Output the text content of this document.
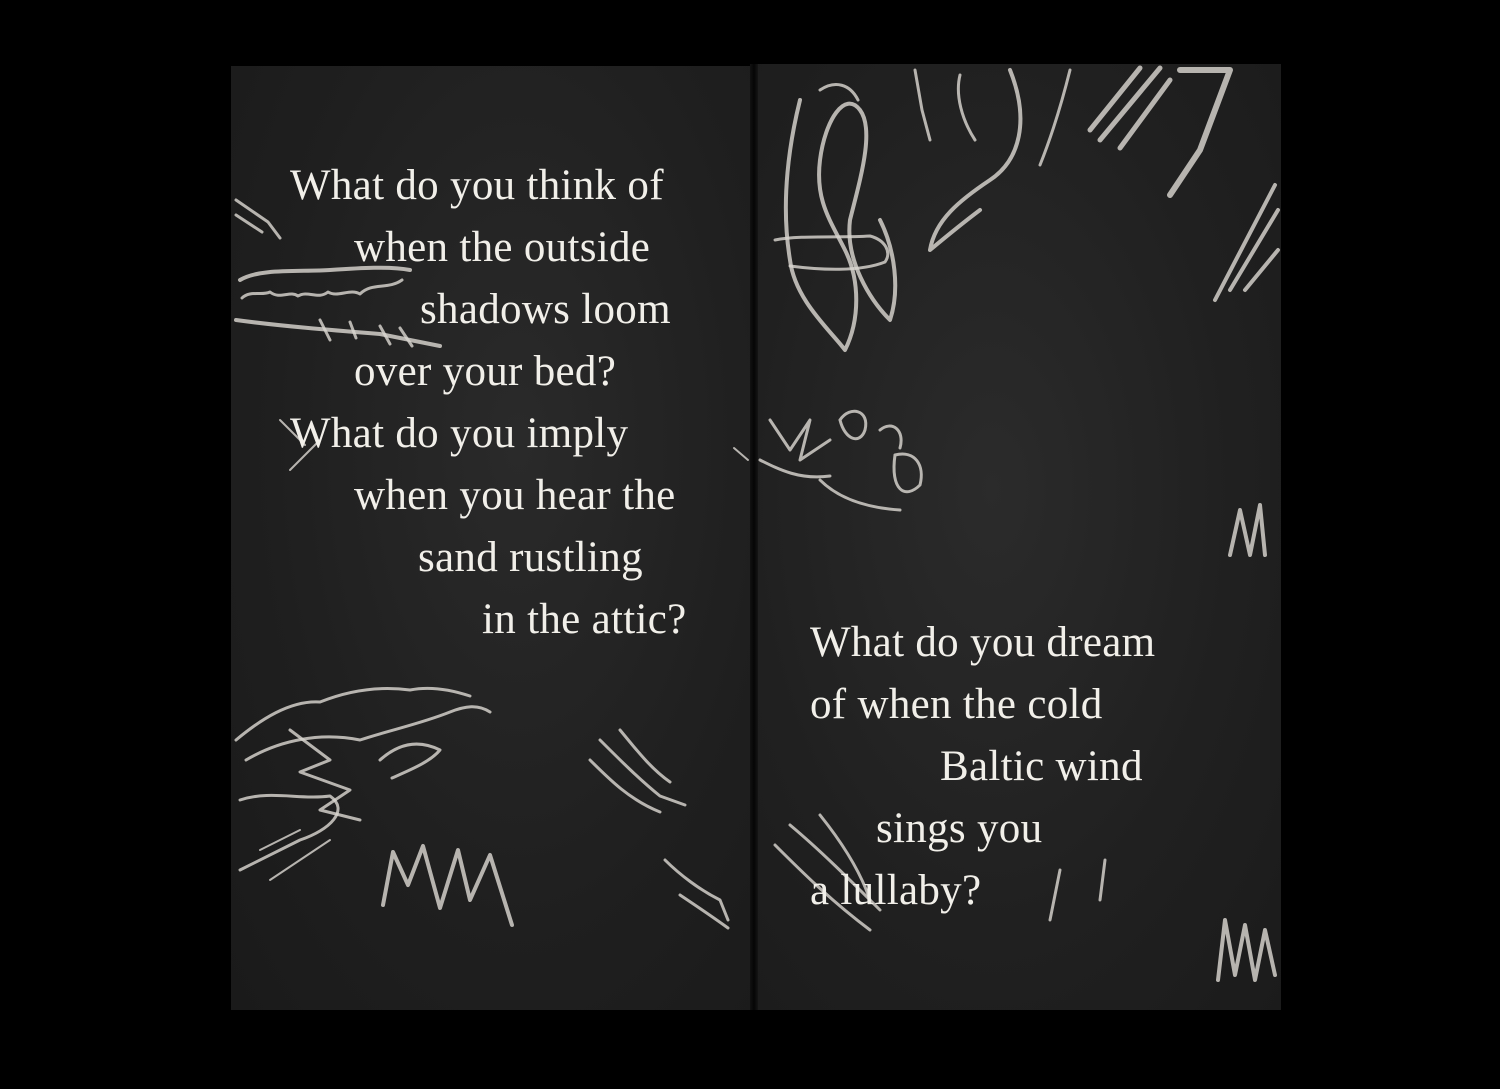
What do you think of
when the outside
shadows loom
over your bed?
What do you imply
when you hear the
sand rustling
in the attic?	What do you dream
of when the cold
Baltic wind
sings you
a lullaby?
